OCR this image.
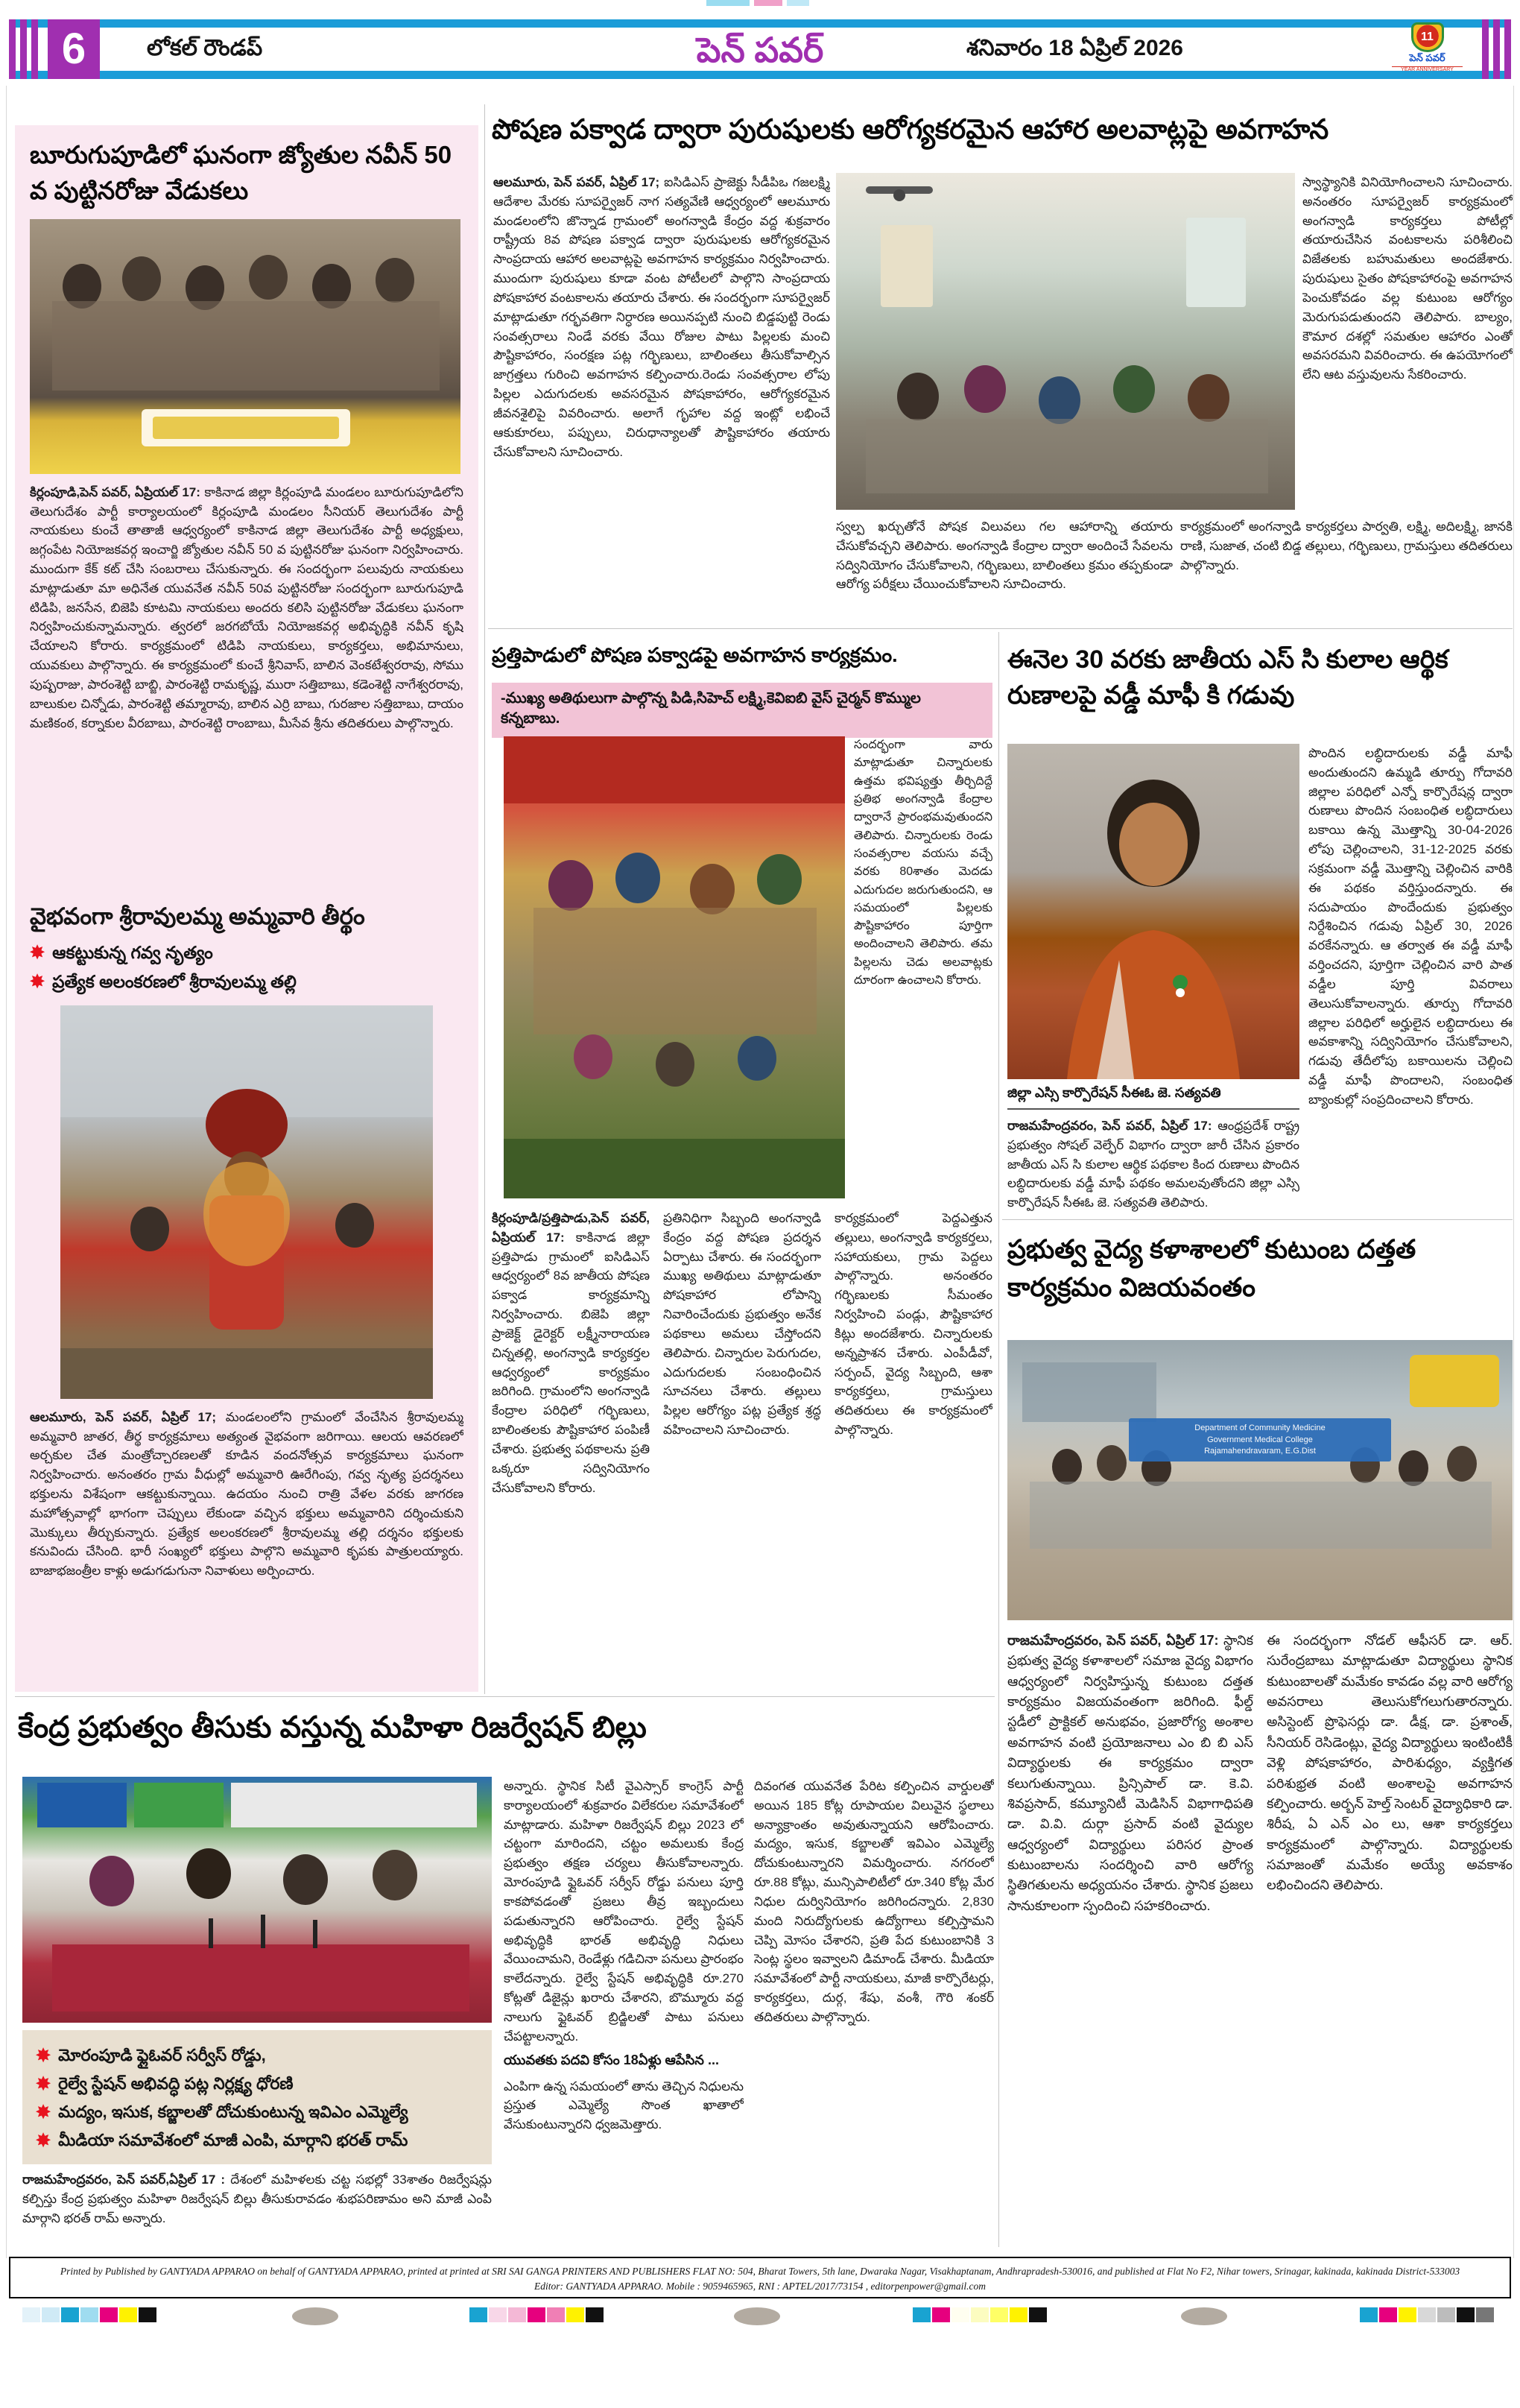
6	లోకల్ రౌండప్	పెన్ పవర్	శనివారం 18 ఏప్రిల్ 2026	11
పెన్ పవర్
YEAR ANNIVERSARY
బూరుగుపూడిలో ఘనంగా జ్యోతుల నవీన్ 50 వ పుట్టినరోజు వేడుకలు

కిర్లంపూడి,పెన్ పవర్, ఏప్రియల్ 17: కాకినాడ జిల్లా కిర్లంపూడి మండలం బూరుగుపూడిలోని తెలుగుదేశం పార్టీ కార్యాలయంలో కిర్లంపూడి మండలం సీనియర్ తెలుగుదేశం పార్టీ నాయకులు కుంచే తాతాజీ ఆధ్వర్యంలో కాకినాడ జిల్లా తెలుగుదేశం పార్టీ అధ్యక్షులు, జగ్గంపేట నియోజకవర్గ ఇంచార్జి జ్యోతుల నవీన్ 50 వ పుట్టినరోజు ఘనంగా నిర్వహించారు. ముందుగా కేక్ కట్ చేసి సంబరాలు చేసుకున్నారు. ఈ సందర్భంగా పలువురు నాయకులు మాట్లాడుతూ మా అధినేత యువనేత నవీన్ 50వ పుట్టినరోజు సందర్భంగా బూరుగుపూడి టిడిపి, జనసేన, బిజెపి కూటమి నాయకులు అందరు కలిసి పుట్టినరోజు వేడుకలు ఘనంగా నిర్వహించుకున్నామన్నారు. త్వరలో జరగబోయే నియోజకవర్గ అభివృద్ధికి నవీన్ కృషి చేయాలని కోరారు. కార్యక్రమంలో టిడిపి నాయకులు, కార్యకర్తలు, అభిమానులు, యువకులు పాల్గొన్నారు. ఈ కార్యక్రమంలో కుంచే శ్రీనివాస్, బాలిన వెంకటేశ్వరరావు, సోము పుష్పరాజు, పారంశెట్టి బాబ్జి, పారంశెట్టి రామకృష్ణ, మురా సత్తిబాబు, కడెంశెట్టి నాగేశ్వరరావు, బాలుకుల చిన్నోడు, పారంశెట్టి తమ్మారావు, బాలిన ఎర్రి బాబు, గురజాల సత్తిబాబు, దాయం మణికంఠ, కర్నాకుల వీరబాబు, పారంశెట్టి రాంబాబు, మీసేవ శ్రీను తదితరులు పాల్గొన్నారు.

వైభవంగా శ్రీరావులమ్మ అమ్మవారి తీర్థం
✸ ఆకట్టుకున్న గవ్వ నృత్యం
✸ ప్రత్యేక అలంకరణలో శ్రీరావులమ్మ తల్లి

ఆలమూరు, పెన్ పవర్, ఏప్రిల్ 17; మండలంలోని గ్రామంలో వేంచేసిన శ్రీరావులమ్మ అమ్మవారి జాతర, తీర్థ కార్యక్రమాలు అత్యంత వైభవంగా జరిగాయి. ఆలయ ఆవరణలో అర్చకుల చేత మంత్రోచ్చారణలతో కూడిన వందనోత్సవ కార్యక్రమాలు ఘనంగా నిర్వహించారు. అనంతరం గ్రామ వీధుల్లో అమ్మవారి ఊరేగింపు, గవ్వ నృత్య ప్రదర్శనలు భక్తులను విశేషంగా ఆకట్టుకున్నాయి. ఉదయం నుంచి రాత్రి వేళల వరకు జాగరణ మహోత్సవాల్లో భాగంగా చెప్పులు లేకుండా వచ్చిన భక్తులు అమ్మవారిని దర్శించుకుని మొక్కులు తీర్చుకున్నారు. ప్రత్యేక అలంకరణలో శ్రీరావులమ్మ తల్లి దర్శనం భక్తులకు కనువిందు చేసింది. భారీ సంఖ్యలో భక్తులు పాల్గొని అమ్మవారి కృపకు పాత్రులయ్యారు. బాజాభజంత్రీల కాళ్లు అడుగడుగునా నివాళులు అర్పించారు.

పోషణ పక్వాడ ద్వారా పురుషులకు ఆరోగ్యకరమైన ఆహార అలవాట్లపై అవగాహన

ఆలమూరు, పెన్ పవర్, ఏప్రిల్ 17; ఐసిడిఎస్ ప్రాజెక్టు సీడీపిఒ గజలక్ష్మి ఆదేశాల మేరకు సూపర్వైజర్ నాగ సత్యవేణి ఆధ్వర్యంలో ఆలమూరు మండలంలోని జొన్నాడ గ్రామంలో అంగన్వాడి కేంద్రం వద్ద శుక్రవారం రాష్ట్రీయ 8వ పోషణ పక్వాడ ద్వారా పురుషులకు ఆరోగ్యకరమైన సాంప్రదాయ ఆహార అలవాట్లపై అవగాహన కార్యక్రమం నిర్వహించారు. ముందుగా పురుషులు కూడా వంట పోటీలలో పాల్గొని సాంప్రదాయ పోషకాహార వంటకాలను తయారు చేశారు. ఈ సందర్భంగా సూపర్వైజర్ మాట్లాడుతూ గర్భవతిగా నిర్ధారణ అయినప్పటి నుంచి బిడ్డపుట్టి రెండు సంవత్సరాలు నిండే వరకు వేయి రోజుల పాటు పిల్లలకు మంచి పౌష్టికాహారం, సంరక్షణ పట్ల గర్భిణులు, బాలింతలు తీసుకోవాల్సిన జాగ్రత్తలు గురించి అవగాహన కల్పించారు.రెండు సంవత్సరాల లోపు పిల్లల ఎదుగుదలకు అవసరమైన పోషకాహారం, ఆరోగ్యకరమైన జీవనశైలిపై వివరించారు. అలాగే గృహాల వద్ద ఇంట్లో లభించే ఆకుకూరలు, పప్పులు, చిరుధాన్యాలతో పౌష్టికాహారం తయారు చేసుకోవాలని సూచించారు.

స్వాస్థ్యానికి వినియోగించాలని సూచించారు. అనంతరం సూపర్వైజర్ కార్యక్రమంలో అంగన్వాడి కార్యకర్తలు పోటీల్లో తయారుచేసిన వంటకాలను పరిశీలించి విజేతలకు బహుమతులు అందజేశారు. పురుషులు సైతం పోషకాహారంపై అవగాహన పెంచుకోవడం వల్ల కుటుంబ ఆరోగ్యం మెరుగుపడుతుందని తెలిపారు. బాల్యం, కౌమార దశల్లో సమతుల ఆహారం ఎంతో అవసరమని వివరించారు. ఈ ఉపయోగంలో లేని ఆట వస్తువులను సేకరించారు.

స్వల్ప ఖర్చుతోనే పోషక విలువలు గల ఆహారాన్ని తయారు చేసుకోవచ్చని తెలిపారు. అంగన్వాడి కేంద్రాల ద్వారా అందించే సేవలను సద్వినియోగం చేసుకోవాలని, గర్భిణులు, బాలింతలు క్రమం తప్పకుండా ఆరోగ్య పరీక్షలు చేయించుకోవాలని సూచించారు.

కార్యక్రమంలో అంగన్వాడి కార్యకర్తలు పార్వతి, లక్ష్మి, అదిలక్ష్మి, జానకి రాణి, సుజాత, చంటి బిడ్డ తల్లులు, గర్భిణులు, గ్రామస్తులు తదితరులు పాల్గొన్నారు.

ప్రత్తిపాడులో పోషణ పక్వాడపై అవగాహన కార్యక్రమం.
-ముఖ్య అతిథులుగా పాల్గొన్న పిడి,సిహెచ్ లక్ష్మి,కెవిఐబి వైస్ చైర్మన్ కొమ్ముల కన్నబాబు.

సందర్భంగా వారు మాట్లాడుతూ చిన్నారులకు ఉత్తమ భవిష్యత్తు తీర్చిదిద్దే ప్రతిభ అంగన్వాడి కేంద్రాల ద్వారానే ప్రారంభమవుతుందని తెలిపారు. చిన్నారులకు రెండు సంవత్సరాల వయసు వచ్చే వరకు 80శాతం మెదడు ఎదుగుదల జరుగుతుందని, ఆ సమయంలో పిల్లలకు పౌష్టికాహారం పూర్తిగా అందించాలని తెలిపారు. తమ పిల్లలను చెడు అలవాట్లకు దూరంగా ఉంచాలని కోరారు.

కిర్లంపూడి/ప్రత్తిపాడు,పెన్ పవర్, ఏప్రియల్ 17: కాకినాడ జిల్లా ప్రత్తిపాడు గ్రామంలో ఐసిడిఎస్ ఆధ్వర్యంలో 8వ జాతీయ పోషణ పక్వాడ కార్యక్రమాన్ని నిర్వహించారు. బిజెపి జిల్లా ప్రాజెక్ట్ డైరెక్టర్ లక్ష్మీనారాయణ చిన్నతల్లి, అంగన్వాడి కార్యకర్తల ఆధ్వర్యంలో కార్యక్రమం జరిగింది. గ్రామంలోని అంగన్వాడి కేంద్రాల పరిధిలో గర్భిణులు, బాలింతలకు పౌష్టికాహార పంపిణీ చేశారు. ప్రభుత్వ పథకాలను ప్రతి ఒక్కరూ సద్వినియోగం చేసుకోవాలని కోరారు.

ప్రతినిధిగా సిబ్బంది అంగన్వాడి కేంద్రం వద్ద పోషణ ప్రదర్శన ఏర్పాటు చేశారు. ఈ సందర్భంగా ముఖ్య అతిథులు మాట్లాడుతూ పోషకాహార లోపాన్ని నివారించేందుకు ప్రభుత్వం అనేక పథకాలు అమలు చేస్తోందని తెలిపారు. చిన్నారుల పెరుగుదల, ఎదుగుదలకు సంబంధించిన సూచనలు చేశారు. తల్లులు పిల్లల ఆరోగ్యం పట్ల ప్రత్యేక శ్రద్ధ వహించాలని సూచించారు.

కార్యక్రమంలో పెద్దఎత్తున తల్లులు, అంగన్వాడి కార్యకర్తలు, సహాయకులు, గ్రామ పెద్దలు పాల్గొన్నారు. అనంతరం గర్భిణులకు సీమంతం నిర్వహించి పండ్లు, పౌష్టికాహార కిట్లు అందజేశారు. చిన్నారులకు అన్నప్రాశన చేశారు. ఎంపీడీవో, సర్పంచ్, వైద్య సిబ్బంది, ఆశా కార్యకర్తలు, గ్రామస్తులు తదితరులు ఈ కార్యక్రమంలో పాల్గొన్నారు.

ఈనెల 30 వరకు జాతీయ ఎస్ సి కులాల ఆర్థిక రుణాలపై వడ్డీ మాఫీ కి గడువు
జిల్లా ఎస్సి కార్పొరేషన్ సీఈఓ జె. సత్యవతి

రాజమహేంద్రవరం, పెన్ పవర్, ఏప్రిల్ 17: ఆంధ్రప్రదేశ్ రాష్ట్ర ప్రభుత్వం సోషల్ వెల్ఫేర్ విభాగం ద్వారా జారీ చేసిన ప్రకారం జాతీయ ఎస్ సి కులాల ఆర్థిక పథకాల కింద రుణాలు పొందిన లబ్ధిదారులకు వడ్డీ మాఫీ పథకం అమలవుతోందని జిల్లా ఎస్సి కార్పొరేషన్ సీఈఓ జె. సత్యవతి తెలిపారు.

పొందిన లబ్ధిదారులకు వడ్డీ మాఫీ అందుతుందని ఉమ్మడి తూర్పు గోదావరి జిల్లాల పరిధిలో ఎన్నో కార్పొరేషన్ల ద్వారా రుణాలు పొందిన సంబంధిత లబ్ధిదారులు బకాయి ఉన్న మొత్తాన్ని 30-04-2026 లోపు చెల్లించాలని, 31-12-2025 వరకు సక్రమంగా వడ్డీ మొత్తాన్ని చెల్లించిన వారికి ఈ పథకం వర్తిస్తుందన్నారు. ఈ సదుపాయం పొందేందుకు ప్రభుత్వం నిర్దేశించిన గడువు ఏప్రిల్ 30, 2026 వరకేనన్నారు. ఆ తర్వాత ఈ వడ్డీ మాఫీ వర్తించదని, పూర్తిగా చెల్లించిన వారి పాత వడ్డీల పూర్తి వివరాలు తెలుసుకోవాలన్నారు. తూర్పు గోదావరి జిల్లాల పరిధిలో అర్హులైన లబ్ధిదారులు ఈ అవకాశాన్ని సద్వినియోగం చేసుకోవాలని, గడువు తేదీలోపు బకాయిలను చెల్లించి వడ్డీ మాఫీ పొందాలని, సంబంధిత బ్యాంకుల్లో సంప్రదించాలని కోరారు.

ప్రభుత్వ వైద్య కళాశాలలో కుటుంబ దత్తత కార్యక్రమం విజయవంతం
Department of Community Medicine
Government Medical College
Rajamahendravaram, E.G.Dist

రాజమహేంద్రవరం, పెన్ పవర్, ఏప్రిల్ 17: స్థానిక ప్రభుత్వ వైద్య కళాశాలలో సమాజ వైద్య విభాగం ఆధ్వర్యంలో నిర్వహిస్తున్న కుటుంబ దత్తత కార్యక్రమం విజయవంతంగా జరిగింది. ఫీల్డ్ స్టడీలో ప్రాక్టికల్ అనుభవం, ప్రజారోగ్య అంశాల అవగాహన వంటి ప్రయోజనాలు ఎం బి బి ఎస్ విద్యార్థులకు ఈ కార్యక్రమం ద్వారా కలుగుతున్నాయి. ప్రిన్సిపాల్ డా. కె.వి. శివప్రసాద్, కమ్యూనిటీ మెడిసిన్ విభాగాధిపతి డా. వి.వి. దుర్గా ప్రసాద్ వంటి వైద్యుల ఆధ్వర్యంలో విద్యార్థులు పరిసర ప్రాంత కుటుంబాలను సందర్శించి వారి ఆరోగ్య స్థితిగతులను అధ్యయనం చేశారు. స్థానిక ప్రజలు సానుకూలంగా స్పందించి సహకరించారు.

ఈ సందర్భంగా నోడల్ ఆఫీసర్ డా. ఆర్. సురేంద్రబాబు మాట్లాడుతూ విద్యార్థులు స్థానిక కుటుంబాలతో మమేకం కావడం వల్ల వారి ఆరోగ్య అవసరాలు తెలుసుకోగలుగుతారన్నారు. అసిస్టెంట్ ప్రొఫెసర్లు డా. డీక్ష, డా. ప్రశాంత్, సీనియర్ రెసిడెంట్లు, వైద్య విద్యార్థులు ఇంటింటికీ వెళ్లి పోషకాహారం, పారిశుధ్యం, వ్యక్తిగత పరిశుభ్రత వంటి అంశాలపై అవగాహన కల్పించారు. అర్బన్ హెల్త్ సెంటర్ వైద్యాధికారి డా. శిరీష, ఏ ఎన్ ఎం లు, ఆశా కార్యకర్తలు కార్యక్రమంలో పాల్గొన్నారు. విద్యార్థులకు సమాజంతో మమేకం అయ్యే అవకాశం లభించిందని తెలిపారు.

కేంద్ర ప్రభుత్వం తీసుకు వస్తున్న మహిళా రిజర్వేషన్ బిల్లు
✸ మోరంపూడి ఫ్లైఓవర్ సర్వీస్ రోడ్డు,
✸ రైల్వే స్టేషన్ అభివద్ధి పట్ల నిర్లక్ష్య ధోరణి
✸ మద్యం, ఇసుక, కబ్జాలతో దోచుకుంటున్న ఇవిఎం ఎమ్మెల్యే
✸ మీడియా సమావేశంలో మాజీ ఎంపి, మార్గాని భరత్ రామ్

రాజమహేంద్రవరం, పెన్ పవర్,ఏప్రిల్ 17 : దేశంలో మహిళలకు చట్ట సభల్లో 33శాతం రిజర్వేషన్లు కల్పిస్తు కేంద్ర ప్రభుత్వం మహిళా రిజర్వేషన్ బిల్లు తీసుకురావడం శుభపరిణామం అని మాజీ ఎంపి మార్గాని భరత్ రామ్ అన్నారు.

అన్నారు. స్థానిక సిటీ వైఎస్సార్ కాంగ్రెస్ పార్టీ కార్యాలయంలో శుక్రవారం విలేకరుల సమావేశంలో మాట్లాడారు. మహిళా రిజర్వేషన్ బిల్లు 2023 లో చట్టంగా మారిందని, చట్టం అమలుకు కేంద్ర ప్రభుత్వం తక్షణ చర్యలు తీసుకోవాలన్నారు. మోరంపూడి ఫ్లైఓవర్ సర్వీస్ రోడ్డు పనులు పూర్తి కాకపోవడంతో ప్రజలు తీవ్ర ఇబ్బందులు పడుతున్నారని ఆరోపించారు. రైల్వే స్టేషన్ అభివృద్ధికి భారత్ అభివృద్ధి నిధులు వేయించామని, రెండేళ్లు గడిచినా పనులు ప్రారంభం కాలేదన్నారు. రైల్వే స్టేషన్ అభివృద్ధికి రూ.270 కోట్లతో డిజైన్లు ఖరారు చేశారని, బొమ్మూరు వద్ద నాలుగు ఫ్లైఓవర్ బ్రిడ్జిలతో పాటు పనులు చేపట్టాలన్నారు.

యువతకు పదవి కోసం 18ఏళ్లు ఆపేసిన ...

ఎంపిగా ఉన్న సమయంలో తాను తెచ్చిన నిధులను ప్రస్తుత ఎమ్మెల్యే సొంత ఖాతాలో వేసుకుంటున్నారని ధ్వజమెత్తారు.

దివంగత యువనేత పేరిట కల్పించిన వార్డులతో అయిన 185 కోట్ల రూపాయల విలువైన స్థలాలు అన్యాక్రాంతం అవుతున్నాయని ఆరోపించారు. మద్యం, ఇసుక, కబ్జాలతో ఇవిఎం ఎమ్మెల్యే దోచుకుంటున్నారని విమర్శించారు. నగరంలో రూ.88 కోట్లు, మున్సిపాలిటీలో రూ.340 కోట్ల మేర నిధుల దుర్వినియోగం జరిగిందన్నారు. 2,830 మంది నిరుద్యోగులకు ఉద్యోగాలు కల్పిస్తామని చెప్పి మోసం చేశారని, ప్రతి పేద కుటుంబానికి 3 సెంట్ల స్థలం ఇవ్వాలని డిమాండ్ చేశారు. మీడియా సమావేశంలో పార్టీ నాయకులు, మాజీ కార్పొరేటర్లు, కార్యకర్తలు, దుర్గ, శేషు, వంశీ, గౌరి శంకర్ తదితరులు పాల్గొన్నారు.

Printed by Published by GANTYADA APPARAO on behalf of GANTYADA APPARAO, printed at printed at SRI SAI GANGA PRINTERS AND PUBLISHERS FLAT NO: 504, Bharat Towers, 5th lane, Dwaraka Nagar, Visakhaptanam, Andhrapradesh-530016, and published at Flat No F2, Nihar towers, Srinagar, kakinada, kakinada District-533003
Editor: GANTYADA APPARAO. Mobile : 9059465965, RNI : APTEL/2017/73154 , editorpenpower@gmail.com
